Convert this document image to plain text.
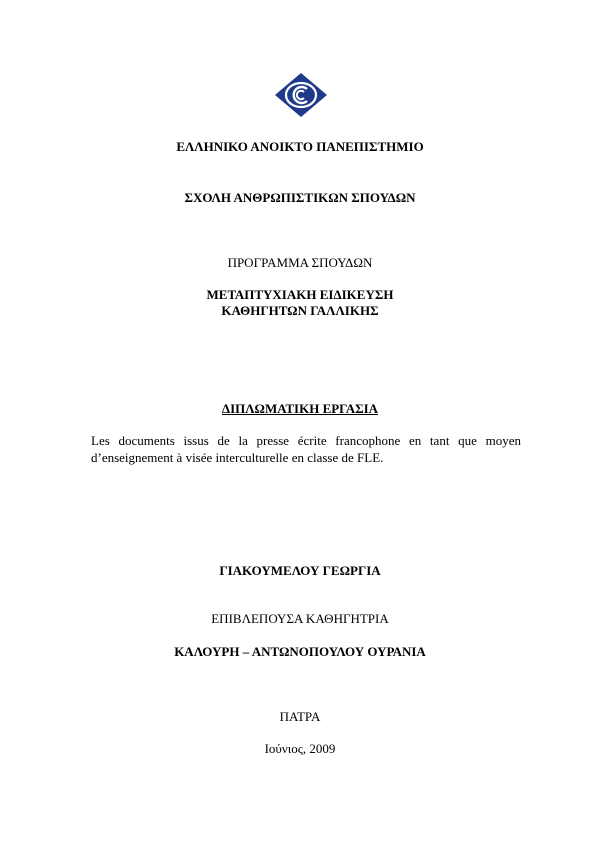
ΕΛΛΗΝΙΚΟ ΑΝΟΙΚΤΟ ΠΑΝΕΠΙΣΤΗΜΙΟ
ΣΧΟΛΗ ΑΝΘΡΩΠΙΣΤΙΚΩΝ ΣΠΟΥΔΩΝ
ΠΡΟΓΡΑΜΜΑ ΣΠΟΥΔΩΝ
ΜΕΤΑΠΤΥΧΙΑΚΗ ΕΙΔΙΚΕΥΣΗ
ΚΑΘΗΓΗΤΩΝ ΓΑΛΛΙΚΗΣ
ΔΙΠΛΩΜΑΤΙΚΗ ΕΡΓΑΣΙΑ
Les documents issus de la presse écrite francophone en tant que moyen
d’enseignement à visée interculturelle en classe de FLE.
ΓΙΑΚΟΥΜΕΛΟΥ ΓΕΩΡΓΙΑ
ΕΠΙΒΛΕΠΟΥΣΑ ΚΑΘΗΓΗΤΡΙΑ
ΚΑΛΟΥΡΗ – ΑΝΤΩΝΟΠΟΥΛΟΥ ΟΥΡΑΝΙΑ
ΠΑΤΡΑ
Ιούνιος, 2009
